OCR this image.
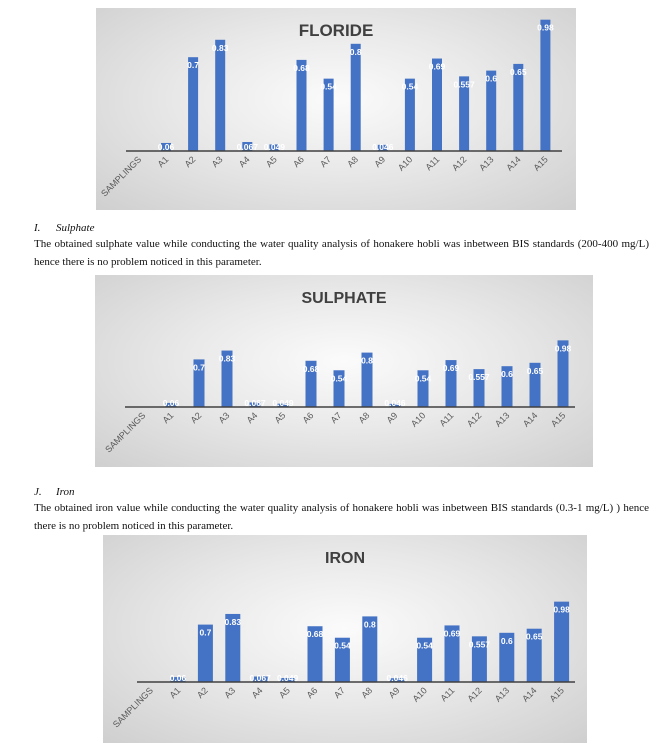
FLORIDE
SAMPLINGS
0.06
A1
0.7
A2
0.83
A3
0.067
A4
0.049
A5
0.68
A6
0.54
A7
0.8
A8
0.046
A9
0.54
A10
0.69
A11
0.557
A12
0.6
A13
0.65
A14
0.98
A15
I. Sulphate
The obtained sulphate value while conducting the water quality analysis of honakere hobli was inbetween BIS standards (200-400 mg/L) hence there is no problem noticed in this parameter.
SULPHATE
SAMPLINGS
0.06
A1
0.7
A2
0.83
A3
0.067
A4
0.049
A5
0.68
A6
0.54
A7
0.8
A8
0.046
A9
0.54
A10
0.69
A11
0.557
A12
0.6
A13
0.65
A14
0.98
A15
J. Iron
The obtained iron value while conducting the water quality analysis of honakere hobli was inbetween BIS standards (0.3-1 mg/L) ) hence there is no problem noticed in this parameter.
IRON
SAMPLINGS
0.06
A1
0.7
A2
0.83
A3
0.067
A4
0.049
A5
0.68
A6
0.54
A7
0.8
A8
0.046
A9
0.54
A10
0.69
A11
0.557
A12
0.6
A13
0.65
A14
0.98
A15
